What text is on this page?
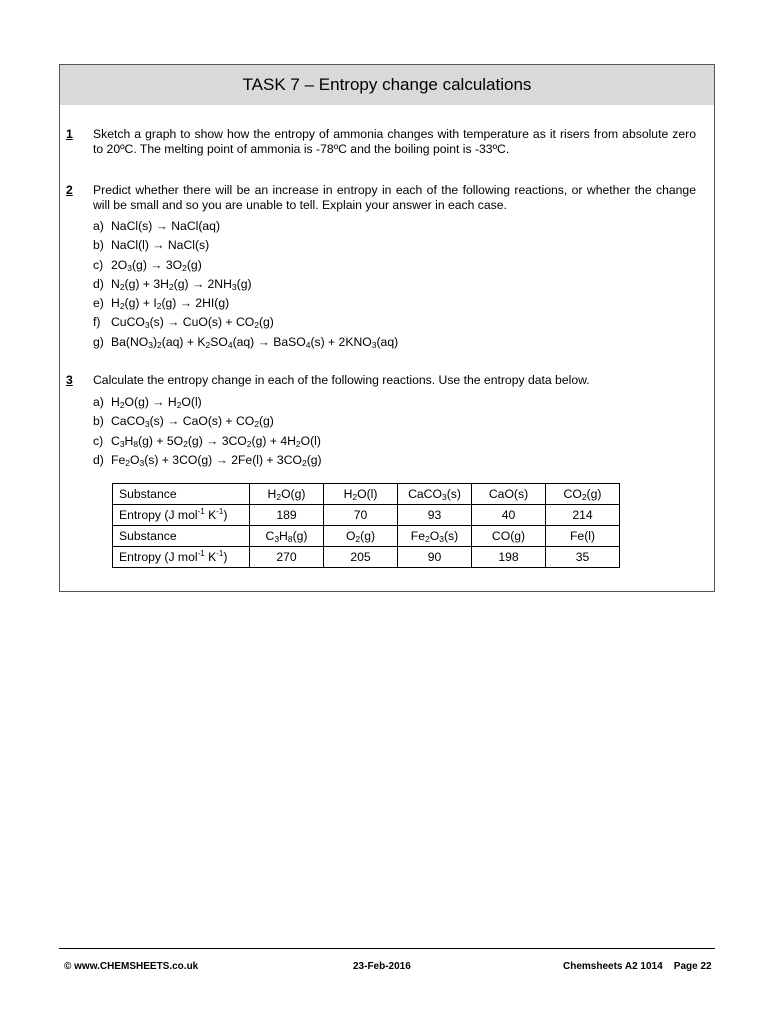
TASK 7 – Entropy change calculations
1 Sketch a graph to show how the entropy of ammonia changes with temperature as it risers from absolute zero to 20ºC. The melting point of ammonia is -78ºC and the boiling point is -33ºC.
2 Predict whether there will be an increase in entropy in each of the following reactions, or whether the change will be small and so you are unable to tell. Explain your answer in each case.
a) NaCl(s) → NaCl(aq)
b) NaCl(l) → NaCl(s)
c) $2O_3(g) \to 3O_2(g)$
d) $N_2(g) + 3H_2(g) \to 2NH_3(g)$
e) $H_2(g) + I_2(g) \to 2HI(g)$
f) CuCO$_3$(s) → $CuO(s) + CO_2(g)$
g) $Ba(NO_3)_2(aq) + K_2SO_4(aq)$ → BaSO$_4$(s) + $2KNO_3(aq)$
3 Calculate the entropy change in each of the following reactions. Use the entropy data below.
a) $H_2O(g) \to H_2O(l)$
b) CaCO$_3$(s) → $CaO(s) + CO_2(g)$
c) $C_3H_8(g) + 5O_2(g) \to 3CO_2(g) + 4H_2O(l)$
d) $Fe_2O_3(s) + 3CO(g) \to 2Fe(l) + 3CO_2(g)$
Substance	$H_2O(g)$	$H_2O(l)$	CaCO$_3$(s)	CaO(s)	$CO_2(g)$
Entropy (J mol$^{-1}$ $K^{-1}$)	189	70	93	40	214
Substance	$C_3H_8(g)$	$O_2(g)$	$Fe_2O_3(s)$	CO(g)	Fe(l)
Entropy (J mol$^{-1}$ $K^{-1}$)	270	205	90	198	35
© www.CHEMSHEETS.co.uk	23-Feb-2016	Chemsheets A2 1014    Page 22
